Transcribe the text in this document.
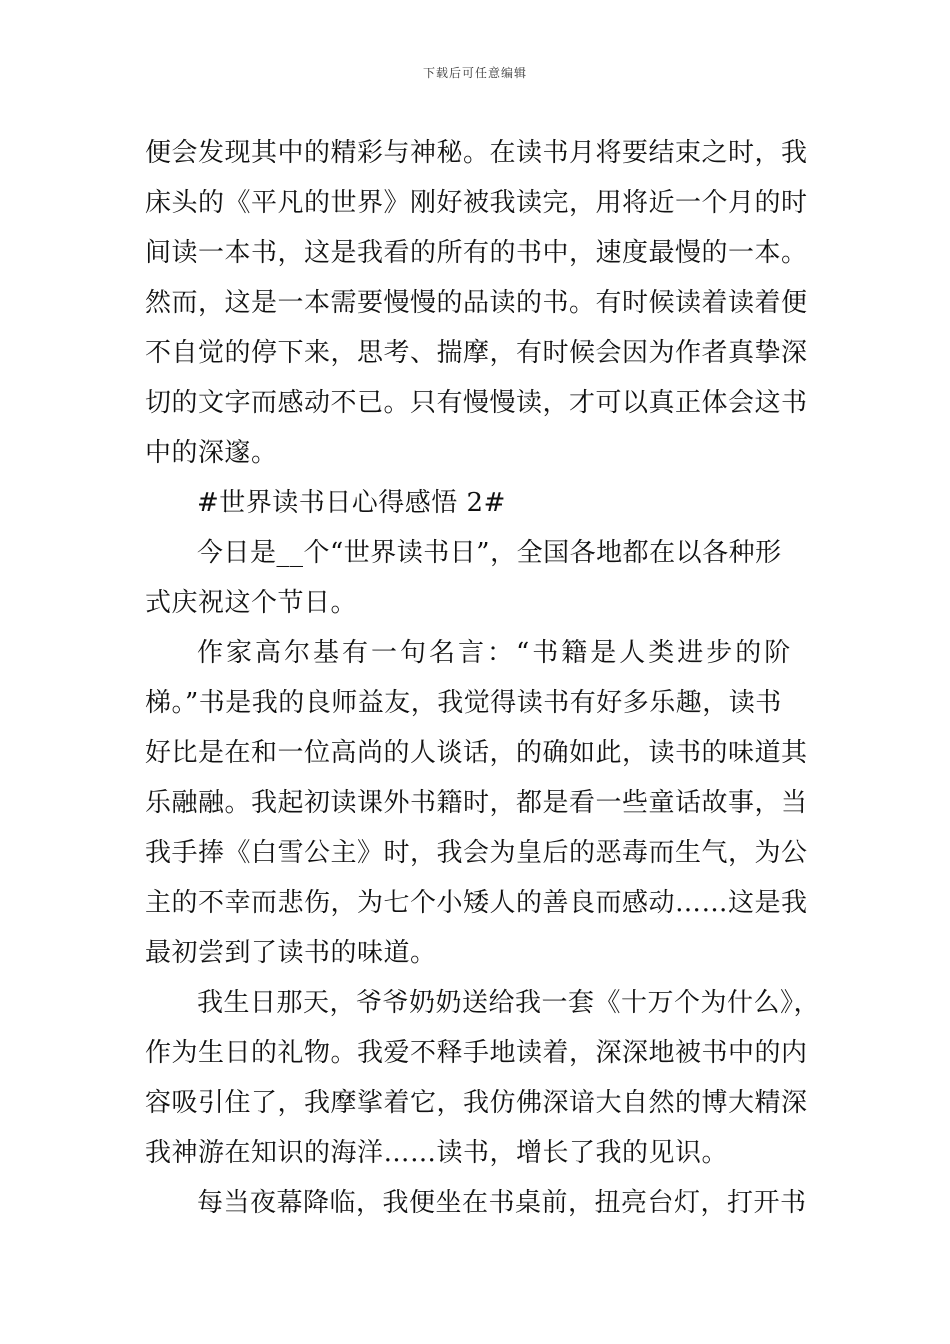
下载后可任意编辑
便会发现其中的精彩与神秘。在读书月将要结束之时，我
床头的《平凡的世界》刚好被我读完，用将近一个月的时
间读一本书，这是我看的所有的书中，速度最慢的一本。
然而，这是一本需要慢慢的品读的书。有时候读着读着便
不自觉的停下来，思考、揣摩，有时候会因为作者真挚深
切的文字而感动不已。只有慢慢读，才可以真正体会这书
中的深邃。
#世界读书日心得感悟 2#
今日是__个“世界读书日”，全国各地都在以各种形
式庆祝这个节日。
作家高尔基有一句名言：“书籍是人类进步的阶
梯。”书是我的良师益友，我觉得读书有好多乐趣，读书
好比是在和一位高尚的人谈话，的确如此，读书的味道其
乐融融。我起初读课外书籍时，都是看一些童话故事，当
我手捧《白雪公主》时，我会为皇后的恶毒而生气，为公
主的不幸而悲伤，为七个小矮人的善良而感动……这是我
最初尝到了读书的味道。
我生日那天，爷爷奶奶送给我一套《十万个为什么》，
作为生日的礼物。我爱不释手地读着，深深地被书中的内
容吸引住了，我摩挲着它，我仿佛深谙大自然的博大精深
我神游在知识的海洋……读书，增长了我的见识。
每当夜幕降临，我便坐在书桌前，扭亮台灯，打开书
